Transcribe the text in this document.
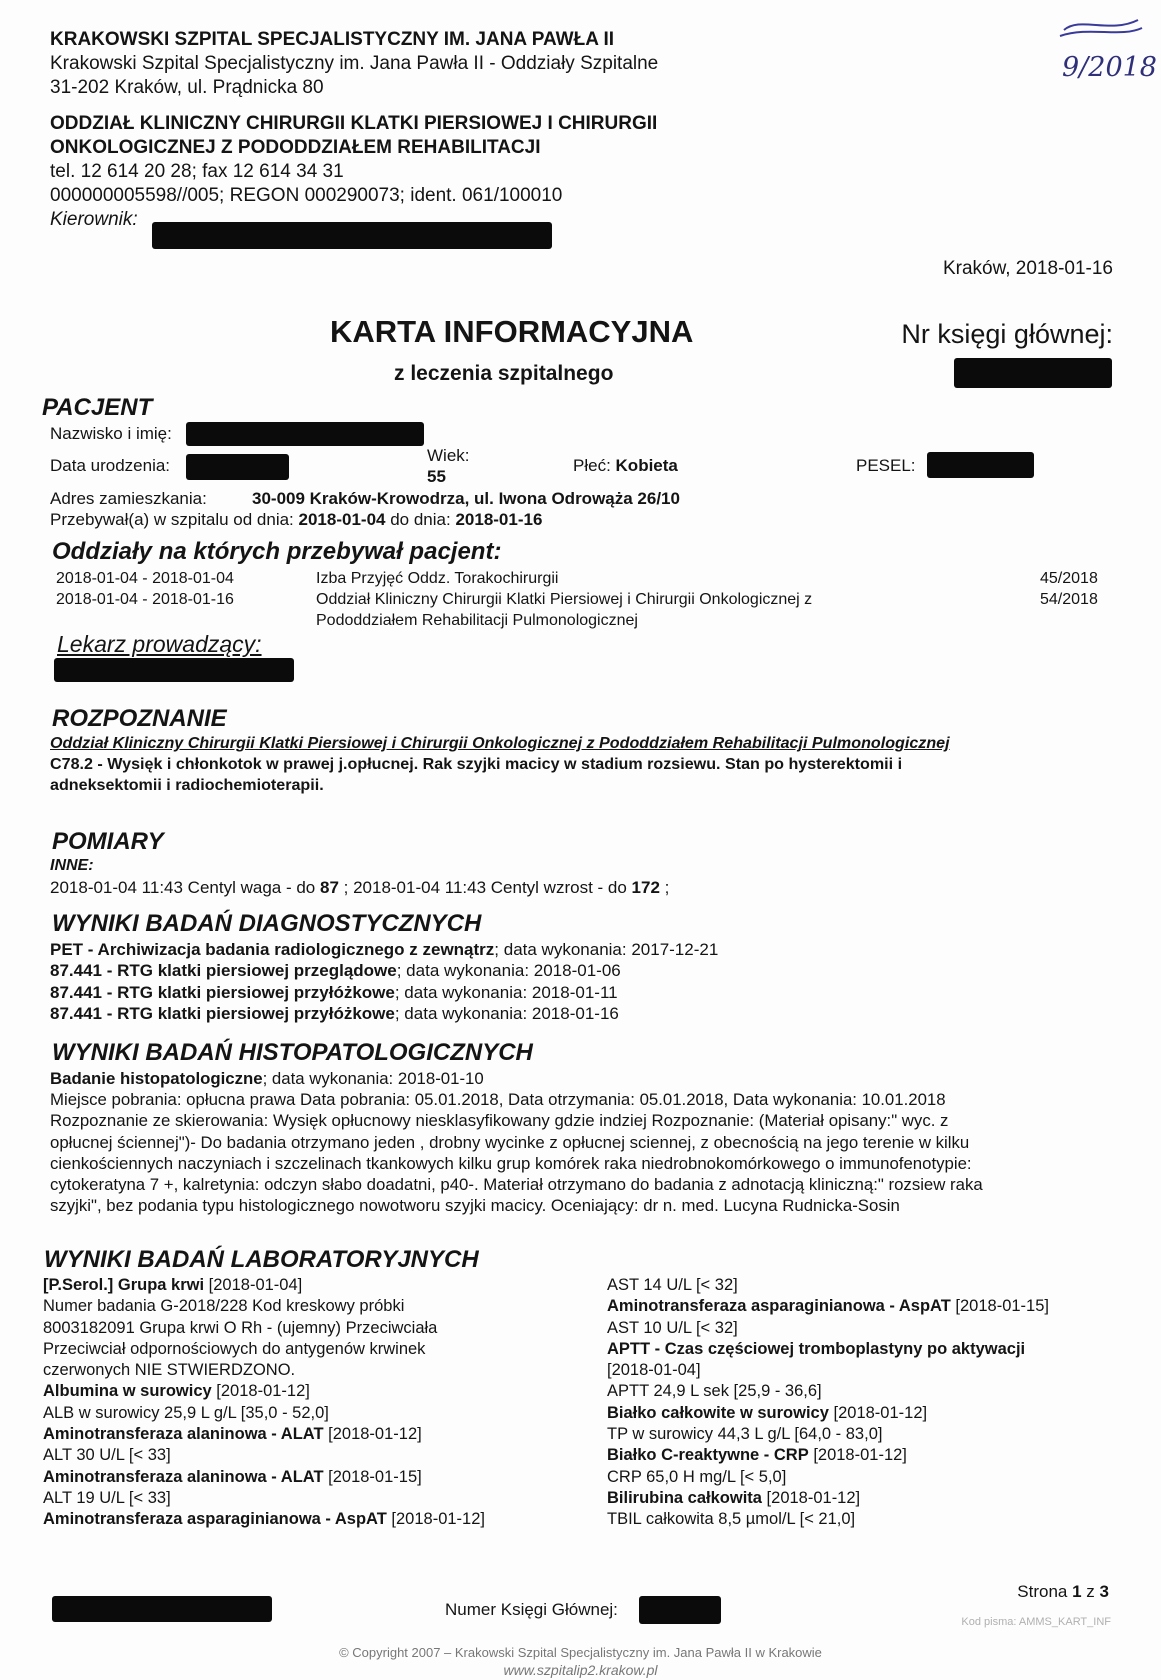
KRAKOWSKI SZPITAL SPECJALISTYCZNY IM. JANA PAWŁA II
Krakowski Szpital Specjalistyczny im. Jana Pawła II - Oddziały Szpitalne
31-202 Kraków, ul. Prądnicka 80
ODDZIAŁ KLINICZNY CHIRURGII KLATKI PIERSIOWEJ I CHIRURGII
ONKOLOGICZNEJ Z PODODDZIAŁEM REHABILITACJI
tel. 12 614 20 28; fax 12 614 34 31
000000005598//005; REGON 000290073; ident. 061/100010
Kierownik:
9/2018
Kraków, 2018-01-16
KARTA INFORMACYJNA
z leczenia szpitalnego
Nr księgi głównej:
PACJENT
Nazwisko i imię:
Data urodzenia:
Wiek:
55
Płeć: Kobieta	PESEL:
Adres zamieszkania:	30-009 Kraków-Krowodrza, ul. Iwona Odrowąża 26/10
Przebywał(a) w szpitalu od dnia: 2018-01-04 do dnia: 2018-01-16
Oddziały na których przebywał pacjent:
2018-01-04 - 2018-01-04	Izba Przyjęć Oddz. Torakochirurgii	45/2018
2018-01-04 - 2018-01-16	Oddział Kliniczny Chirurgii Klatki Piersiowej i Chirurgii Onkologicznej z
Pododdziałem Rehabilitacji Pulmonologicznej
54/2018
Lekarz prowadzący:
ROZPOZNANIE
Oddział Kliniczny Chirurgii Klatki Piersiowej i Chirurgii Onkologicznej z Pododdziałem Rehabilitacji Pulmonologicznej
C78.2 - Wysięk i chłonkotok w prawej j.opłucnej. Rak szyjki macicy w stadium rozsiewu. Stan po hysterektomii i
adneksektomii i radiochemioterapii.
POMIARY
INNE:
2018-01-04 11:43 Centyl waga - do 87 ; 2018-01-04 11:43 Centyl wzrost - do 172 ;
WYNIKI BADAŃ DIAGNOSTYCZNYCH
PET - Archiwizacja badania radiologicznego z zewnątrz; data wykonania: 2017-12-21
87.441 - RTG klatki piersiowej przeglądowe; data wykonania: 2018-01-06
87.441 - RTG klatki piersiowej przyłóżkowe; data wykonania: 2018-01-11
87.441 - RTG klatki piersiowej przyłóżkowe; data wykonania: 2018-01-16
WYNIKI BADAŃ HISTOPATOLOGICZNYCH
Badanie histopatologiczne; data wykonania: 2018-01-10
Miejsce pobrania: opłucna prawa Data pobrania: 05.01.2018, Data otrzymania: 05.01.2018, Data wykonania: 10.01.2018
Rozpoznanie ze skierowania: Wysięk opłucnowy niesklasyfikowany gdzie indziej Rozpoznanie: (Materiał opisany:" wyc. z
opłucnej ściennej")- Do badania otrzymano jeden , drobny wycinke z opłucnej sciennej, z obecnością na jego terenie w kilku
cienkościennych naczyniach i szczelinach tkankowych kilku grup komórek raka niedrobnokomórkowego o immunofenotypie:
cytokeratyna 7 +, kalretynia: odczyn słabo doadatni, p40-. Materiał otrzymano do badania z adnotacją kliniczną:" rozsiew raka
szyjki", bez podania typu histologicznego nowotworu szyjki macicy. Oceniający: dr n. med. Lucyna Rudnicka-Sosin
WYNIKI BADAŃ LABORATORYJNYCH
[P.Serol.] Grupa krwi [2018-01-04]
Numer badania G-2018/228 Kod kreskowy próbki
8003182091 Grupa krwi O Rh - (ujemny) Przeciwciała
Przeciwciał odpornościowych do antygenów krwinek
czerwonych NIE STWIERDZONO.
Albumina w surowicy [2018-01-12]
ALB w surowicy 25,9 L g/L [35,0 - 52,0]
Aminotransferaza alaninowa - ALAT [2018-01-12]
ALT 30 U/L [< 33]
Aminotransferaza alaninowa - ALAT [2018-01-15]
ALT 19 U/L [< 33]
Aminotransferaza asparaginianowa - AspAT [2018-01-12]
AST 14 U/L [< 32]
Aminotransferaza asparaginianowa - AspAT [2018-01-15]
AST 10 U/L [< 32]
APTT - Czas częściowej tromboplastyny po aktywacji
[2018-01-04]
APTT 24,9 L sek [25,9 - 36,6]
Białko całkowite w surowicy [2018-01-12]
TP w surowicy 44,3 L g/L [64,0 - 83,0]
Białko C-reaktywne - CRP [2018-01-12]
CRP 65,0 H mg/L [< 5,0]
Bilirubina całkowita [2018-01-12]
TBIL całkowita 8,5 µmol/L [< 21,0]
Strona 1 z 3
Numer Księgi Głównej:
Kod pisma: AMMS_KART_INF
© Copyright 2007 – Krakowski Szpital Specjalistyczny im. Jana Pawła II w Krakowie
www.szpitalip2.krakow.pl
